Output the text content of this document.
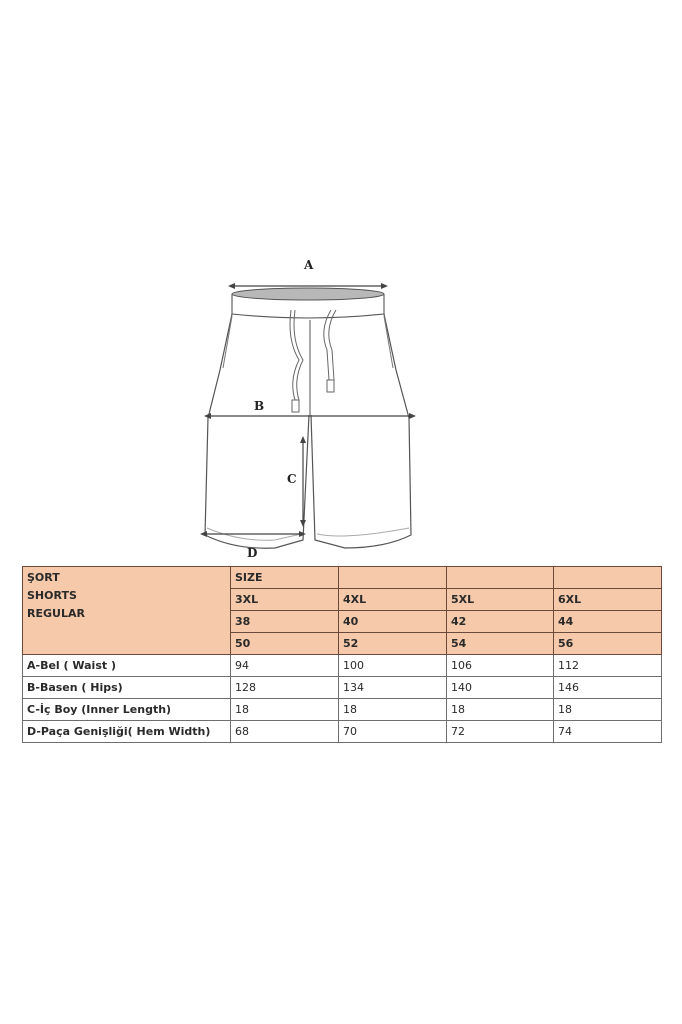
A
B
C
D
ŞORT
SHORTS
REGULAR	SIZE			
	3XL	4XL	5XL	6XL
	38	40	42	44
	50	52	54	56
A-Bel ( Waist )	94	100	106	112
B-Basen ( Hips)	128	134	140	146
C-İç Boy (Inner Length)	18	18	18	18
D-Paça Genişliği( Hem Width)	68	70	72	74
